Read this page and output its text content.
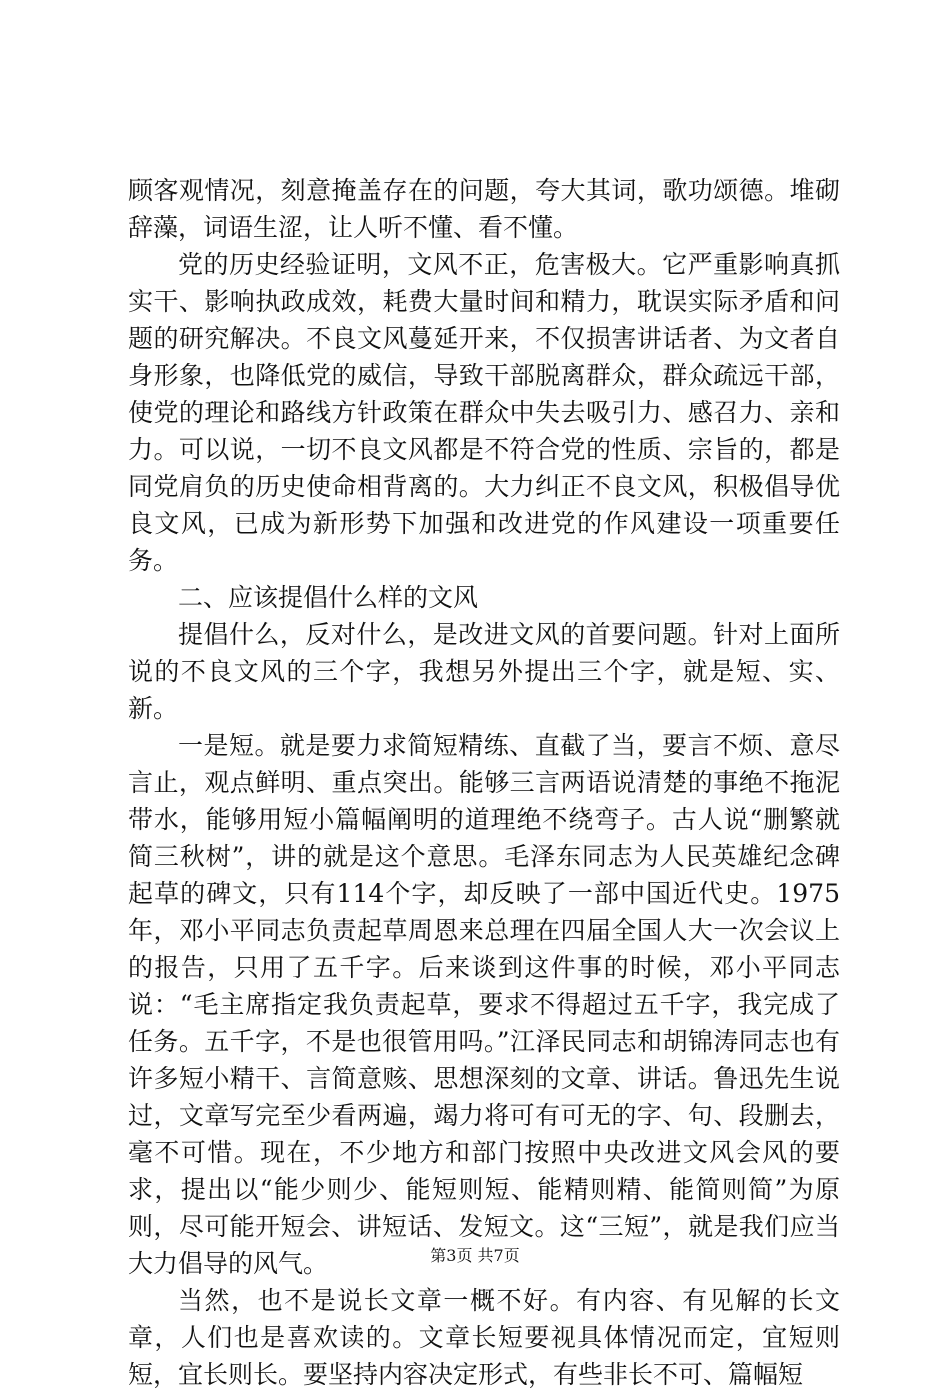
顾客观情况，刻意掩盖存在的问题，夸大其词，歌功颂德。堆砌辞藻，词语生涩，让人听不懂、看不懂。

党的历史经验证明，文风不正，危害极大。它严重影响真抓实干、影响执政成效，耗费大量时间和精力，耽误实际矛盾和问题的研究解决。不良文风蔓延开来，不仅损害讲话者、为文者自身形象，也降低党的威信，导致干部脱离群众，群众疏远干部，使党的理论和路线方针政策在群众中失去吸引力、感召力、亲和力。可以说，一切不良文风都是不符合党的性质、宗旨的，都是同党肩负的历史使命相背离的。大力纠正不良文风，积极倡导优良文风，已成为新形势下加强和改进党的作风建设一项重要任务。

二、应该提倡什么样的文风

提倡什么，反对什么，是改进文风的首要问题。针对上面所说的不良文风的三个字，我想另外提出三个字，就是短、实、新。

一是短。就是要力求简短精练、直截了当，要言不烦、意尽言止，观点鲜明、重点突出。能够三言两语说清楚的事绝不拖泥带水，能够用短小篇幅阐明的道理绝不绕弯子。古人说“删繁就简三秋树”，讲的就是这个意思。毛泽东同志为人民英雄纪念碑起草的碑文，只有114个字，却反映了一部中国近代史。1975年，邓小平同志负责起草周恩来总理在四届全国人大一次会议上的报告，只用了五千字。后来谈到这件事的时候，邓小平同志说：“毛主席指定我负责起草，要求不得超过五千字，我完成了任务。五千字，不是也很管用吗。”江泽民同志和胡锦涛同志也有许多短小精干、言简意赅、思想深刻的文章、讲话。鲁迅先生说过，文章写完至少看两遍，竭力将可有可无的字、句、段删去，毫不可惜。现在，不少地方和部门按照中央改进文风会风的要求，提出以“能少则少、能短则短、能精则精、能简则简”为原则，尽可能开短会、讲短话、发短文。这“三短”，就是我们应当大力倡导的风气。

当然，也不是说长文章一概不好。有内容、有见解的长文章，人们也是喜欢读的。文章长短要视具体情况而定，宜短则短，宜长则长。要坚持内容决定形式，有些非长不可、篇幅短

第3页 共7页
